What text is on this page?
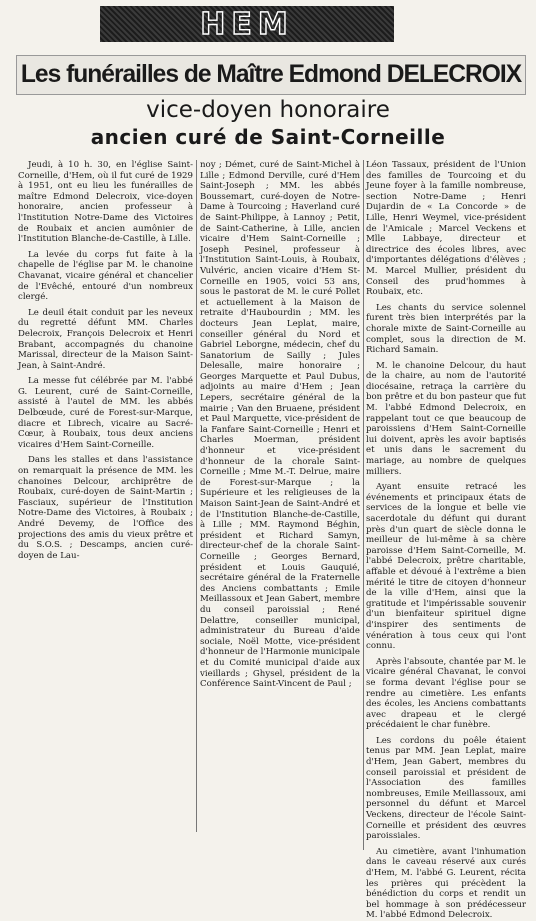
HEM
Les funérailles de Maître Edmond DELECROIX
vice-doyen honoraire
ancien curé de Saint-Corneille

Jeudi, à 10 h. 30, en l'église Saint-Corneille, d'Hem, où il fut curé de 1929 à 1951, ont eu lieu les funérailles de maître Edmond Delecroix, vice-doyen honoraire, ancien professeur à l'Institution Notre-Dame des Victoires de Roubaix et ancien aumônier de l'Institution Blanche-de-Castille, à Lille.

La levée du corps fut faite à la chapelle de l'église par M. le chanoine Chavanat, vicaire général et chancelier de l'Evêché, entouré d'un nombreux clergé.

Le deuil était conduit par les neveux du regretté défunt MM. Charles Delecroix, François Delecroix et Henri Brabant, accompagnés du chanoine Marissal, directeur de la Maison Saint-Jean, à Saint-André.

La messe fut célébrée par M. l'abbé G. Leurent, curé de Saint-Corneille, assisté à l'autel de MM. les abbés Delbœude, curé de Forest-sur-Marque, diacre et Librech, vicaire au Sacré-Cœur, à Roubaix, tous deux anciens vicaires d'Hem Saint-Corneille.

Dans les stalles et dans l'assistance on remarquait la présence de MM. les chanoines Delcour, archiprêtre de Roubaix, curé-doyen de Saint-Martin ; Fasciaux, supérieur de l'Institution Notre-Dame des Victoires, à Roubaix ; André Devemy, de l'Office des projections des amis du vieux prêtre et du S.O.S. ; Descamps, ancien curé-doyen de Lau-

noy ; Démet, curé de Saint-Michel à Lille ; Edmond Derville, curé d'Hem Saint-Joseph ; MM. les abbés Boussemart, curé-doyen de Notre-Dame à Tourcoing ; Haverland curé de Saint-Philippe, à Lannoy ; Petit, de Saint-Catherine, à Lille, ancien vicaire d'Hem Saint-Corneille ; Joseph Pesinel, professeur à l'Institution Saint-Louis, à Roubaix, Vulvéric, ancien vicaire d'Hem St-Corneille en 1905, voici 53 ans, sous le pastorat de M. le curé Pollet et actuellement à la Maison de retraite d'Haubourdin ; MM. les docteurs Jean Leplat, maire, conseiller général du Nord et Gabriel Leborgne, médecin, chef du Sanatorium de Sailly ; Jules Delesalle, maire honoraire ; Georges Marquette et Paul Dubus, adjoints au maire d'Hem ; Jean Lepers, secrétaire général de la mairie ; Van den Bruaene, président et Paul Marquette, vice-président de la Fanfare Saint-Corneille ; Henri et Charles Moerman, président d'honneur et vice-président d'honneur de la chorale Saint-Corneille ; Mme M.-T. Delrue, maire de Forest-sur-Marque ; la Supérieure et les religieuses de la Maison Saint-Jean de Saint-André et de l'Institution Blanche-de-Castille, à Lille ; MM. Raymond Béghin, président et Richard Samyn, directeur-chef de la chorale Saint-Corneille ; Georges Bernard, président et Louis Gauquié, secrétaire général de la Fraternelle des Anciens combattants ; Emile Meillassoux et Jean Gabert, membre du conseil paroissial ; René Delattre, conseiller municipal, administrateur du Bureau d'aide sociale, Noël Motte, vice-président d'honneur de l'Harmonie municipale et du Comité municipal d'aide aux vieillards ; Ghysel, président de la Conférence Saint-Vincent de Paul ;

Léon Tassaux, président de l'Union des familles de Tourcoing et du Jeune foyer à la famille nombreuse, section Notre-Dame ; Henri Dujardin de « La Concorde » de Lille, Henri Weymel, vice-président de l'Amicale ; Marcel Veckens et Mlle Labbaye, directeur et directrice des écoles libres, avec d'importantes délégations d'élèves ; M. Marcel Mullier, président du Conseil des prud'hommes à Roubaix, etc.

Les chants du service solennel furent très bien interprétés par la chorale mixte de Saint-Corneille au complet, sous la direction de M. Richard Samain.

M. le chanoine Delcour, du haut de la chaire, au nom de l'autorité diocésaine, retraça la carrière du bon prêtre et du bon pasteur que fut M. l'abbé Edmond Delecroix, en rappelant tout ce que beaucoup de paroissiens d'Hem Saint-Corneille lui doivent, après les avoir baptisés et unis dans le sacrement du mariage, au nombre de quelques milliers.

Ayant ensuite retracé les événements et principaux états de services de la longue et belle vie sacerdotale du défunt qui durant près d'un quart de siècle donna le meilleur de lui-même à sa chère paroisse d'Hem Saint-Corneille, M. l'abbé Delecroix, prêtre charitable, affable et dévoué à l'extrême a bien mérité le titre de citoyen d'honneur de la ville d'Hem, ainsi que la gratitude et l'impérissable souvenir d'un bienfaiteur spirituel digne d'inspirer des sentiments de vénération à tous ceux qui l'ont connu.

Après l'absoute, chantée par M. le vicaire général Chavanat, le convoi se forma devant l'église pour se rendre au cimetière. Les enfants des écoles, les Anciens combattants avec drapeau et le clergé précédaient le char funèbre.

Les cordons du poêle étaient tenus par MM. Jean Leplat, maire d'Hem, Jean Gabert, membres du conseil paroissial et président de l'Association des familles nombreuses, Emile Meillassoux, ami personnel du défunt et Marcel Veckens, directeur de l'école Saint-Corneille et président des œuvres paroissiales.

Au cimetière, avant l'inhumation dans le caveau réservé aux curés d'Hem, M. l'abbé G. Leurent, récita les prières qui précèdent la bénédiction du corps et rendit un bel hommage à son prédécesseur M. l'abbé Edmond Delecroix.
